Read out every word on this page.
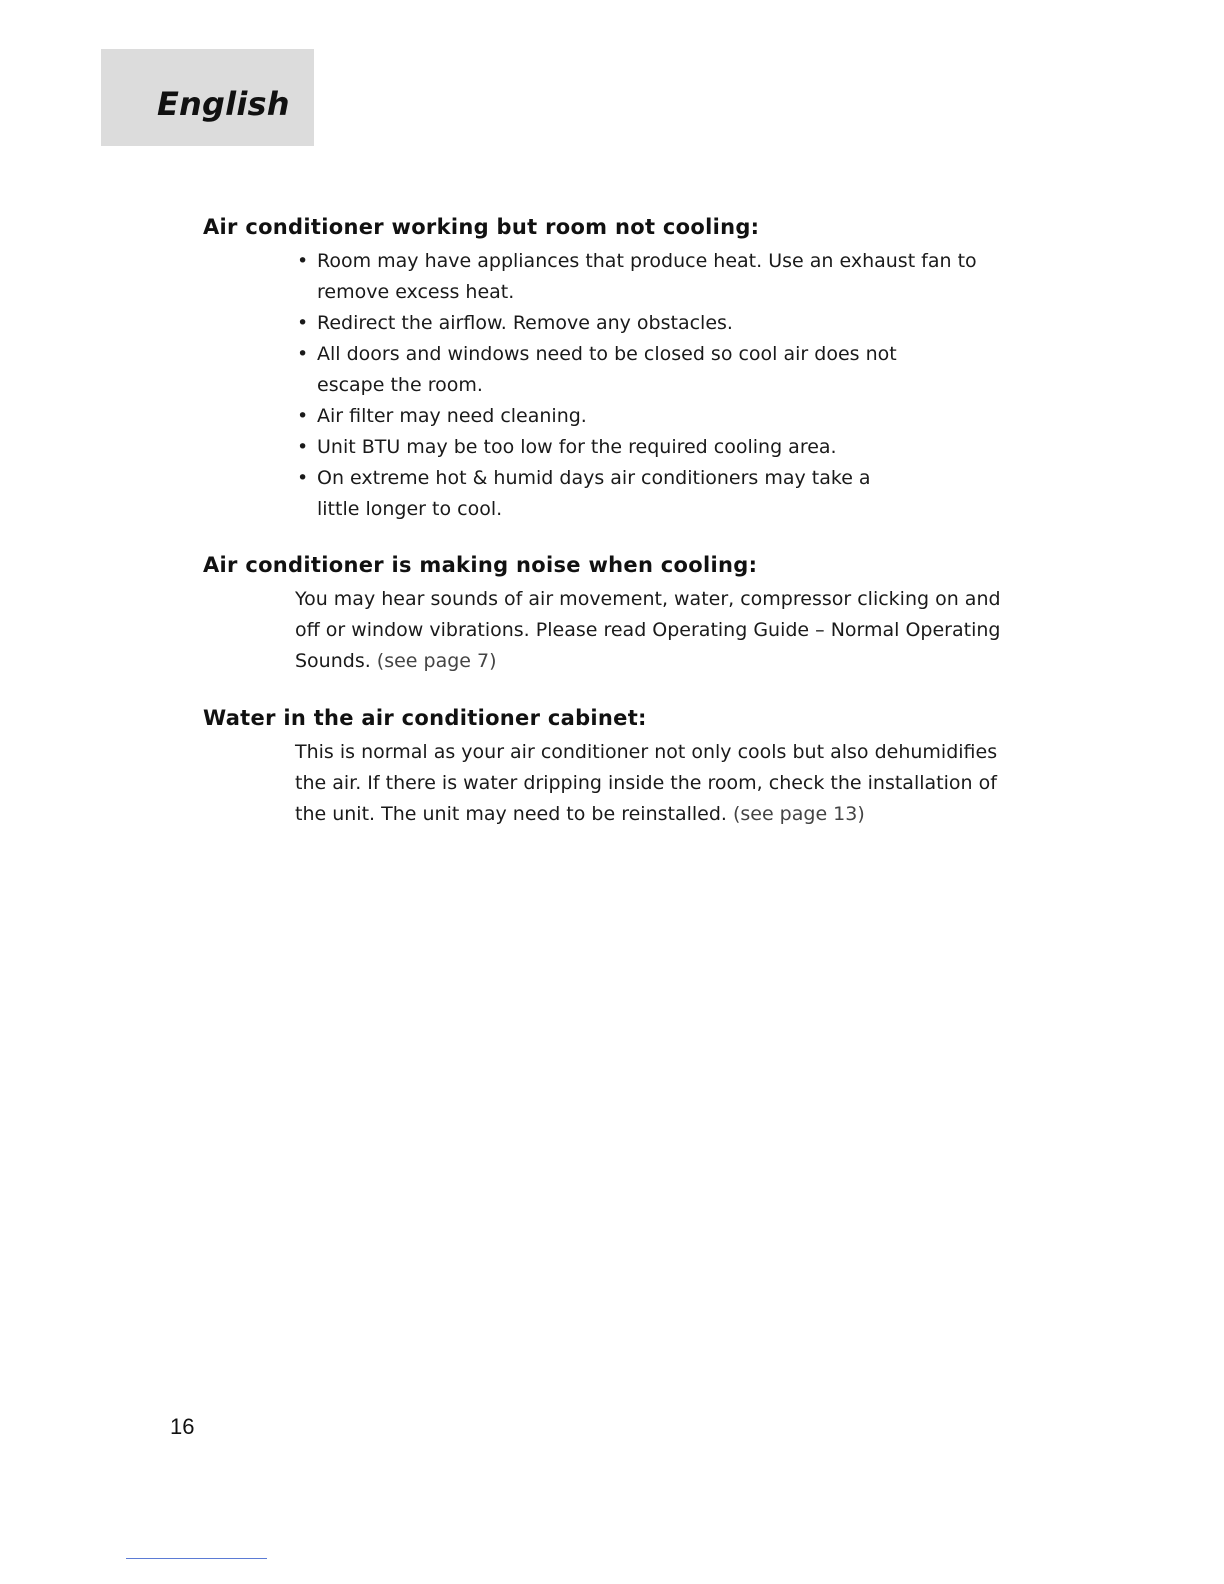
English
Air conditioner working but room not cooling:
• Room may have appliances that produce heat. Use an exhaust fan to remove excess heat.
• Redirect the airflow. Remove any obstacles.
• All doors and windows need to be closed so cool air does not escape the room.
• Air filter may need cleaning.
• Unit BTU may be too low for the required cooling area.
• On extreme hot & humid days air conditioners may take a little longer to cool.
Air conditioner is making noise when cooling:

You may hear sounds of air movement, water, compressor clicking on and off or window vibrations. Please read Operating Guide – Normal Operating Sounds. (see page 7)

Water in the air conditioner cabinet:

This is normal as your air conditioner not only cools but also dehumidifies the air. If there is water dripping inside the room, check the installation of the unit. The unit may need to be reinstalled. (see page 13)

16
